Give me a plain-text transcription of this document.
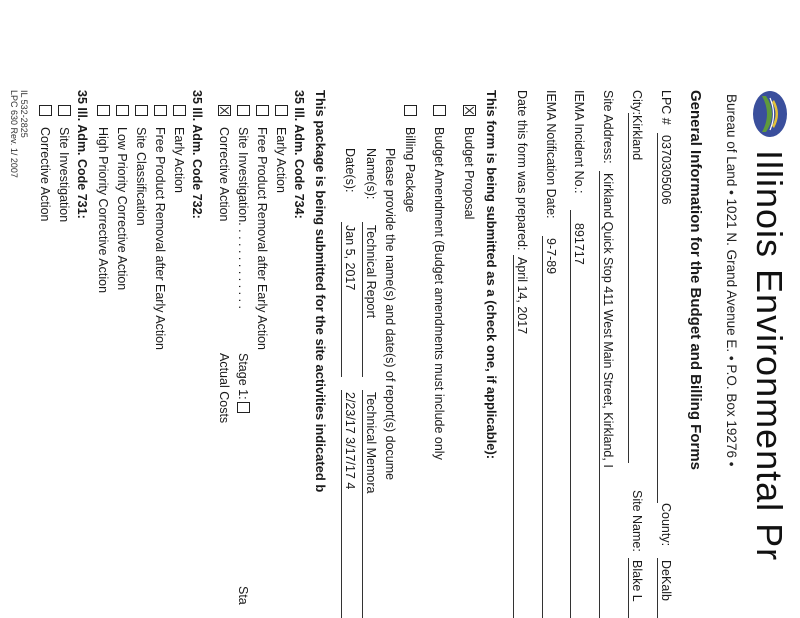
Illinois Environmental Pr
Bureau of Land • 1021 N. Grand Avenue E. • P.O. Box 19276 •
General Information for the Budget and Billing Forms
LPC #
0370305006
County:
DeKalb
City:
Kirkland
Site Name:
Blake L
Site Address:
Kirkland Quick Stop 411 West Main Street, Kirkland, I
IEMA Incident No.:
891717
IEMA Notification Date:
9-7-89
Date this form was prepared:
April 14, 2017
This form is being submitted as a (check one, if applicable):
Budget Proposal
Budget Amendment (Budget amendments must include only
Billing Package
Please provide the name(s) and date(s) of report(s) docume
Name(s):
Technical Report
Technical Memora
Date(s):
Jan 5, 2017
2/23/17 3/17/17 4
This package is being submitted for the site activities indicated b
35 Ill. Adm. Code 734:
Early Action
Free Product Removal after Early Action
Site Investigation. . . . . . . . . . . . .
Stage 1:
Sta
Corrective Action
Actual Costs
35 Ill. Adm. Code 732:
Early Action
Free Product Removal after Early Action
Site Classification
Low Priority Corrective Action
High Priority Corrective Action
35 Ill. Adm. Code 731:
Site Investigation
Corrective Action
IL 532-2825
LPC 630 Rev. 1/ 2007
